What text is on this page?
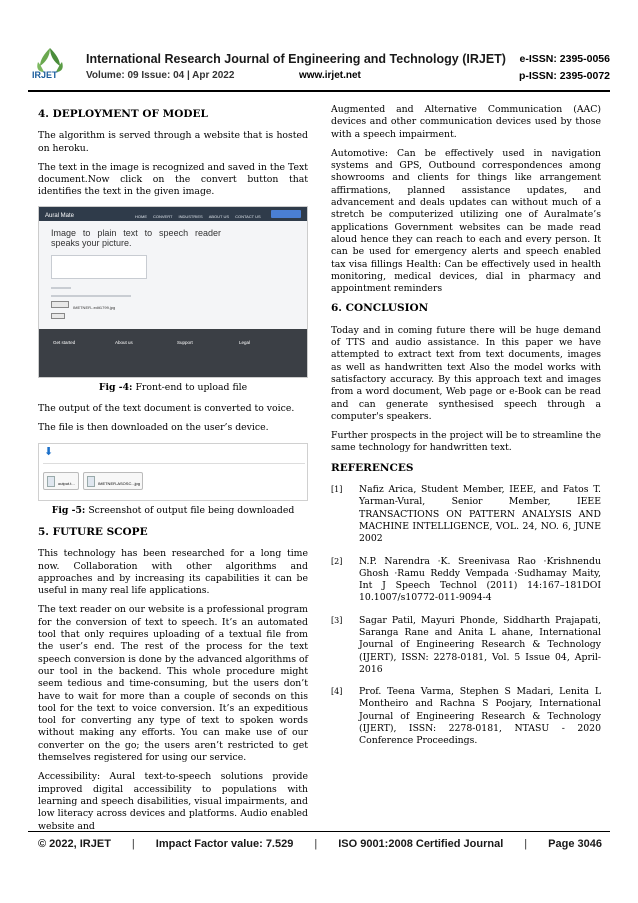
IRJET
International Research Journal of Engineering and Technology (IRJET) e-ISSN: 2395-0056
Volume: 09 Issue: 04 | Apr 2022	www.irjet.net	p-ISSN: 2395-0072
4. DEPLOYMENT OF MODEL

The algorithm is served through a website that is hosted on heroku.

The text in the image is recognized and saved in the Text document.Now click on the convert button that identifies the text in the given image.

Aural Mate	HOME CONVERT INDUSTRIES ABOUT US CONTACT US
Image to plain text to speech reader speaks your picture.
IMETNER-.edit1799.jpg
Get started	About us	Support	Legal
Fig -4: Front-end to upload file

The output of the text document is converted to voice.

The file is then downloaded on the user’s device.

⬇
output.t...	IMETNER-ASOSC...jpg
Fig -5: Screenshot of output file being downloaded
5. FUTURE SCOPE

This technology has been researched for a long time now. Collaboration with other algorithms and approaches and by increasing its capabilities it can be useful in many real life applications.

The text reader on our website is a professional program for the conversion of text to speech. It’s an automated tool that only requires uploading of a textual file from the user’s end. The rest of the process for the text speech conversion is done by the advanced algorithms of our tool in the backend. This whole procedure might seem tedious and time-consuming, but the users don’t have to wait for more than a couple of seconds on this tool for the text to voice conversion. It’s an expeditious tool for converting any type of text to spoken words without making any efforts. You can make use of our converter on the go; the users aren’t restricted to get themselves registered for using our service.

Accessibility: Aural text-to-speech solutions provide improved digital accessibility to populations with learning and speech disabilities, visual impairments, and low literacy across devices and platforms. Audio enabled website and

Augmented and Alternative Communication (AAC) devices and other communication devices used by those with a speech impairment.

Automotive: Can be effectively used in navigation systems and GPS, Outbound correspondences among showrooms and clients for things like arrangement affirmations, planned assistance updates, and advancement and deals updates can without much of a stretch be computerized utilizing one of Auralmate’s applications Government websites can be made read aloud hence they can reach to each and every person. It can be used for emergency alerts and speech enabled tax visa fillings Health: Can be effectively used in health monitoring, medical devices, dial in pharmacy and appointment reminders

6. CONCLUSION

Today and in coming future there will be huge demand of TTS and audio assistance. In this paper we have attempted to extract text from text documents, images as well as handwritten text Also the model works with satisfactory accuracy. By this approach text and images from a word document, Web page or e-Book can be read and can generate synthesised speech through a computer's speakers.

Further prospects in the project will be to streamline the same technology for handwritten text.

REFERENCES
[1] Nafiz Arica, Student Member, IEEE, and Fatos T. Yarman-Vural, Senior Member, IEEE TRANSACTIONS ON PATTERN ANALYSIS AND MACHINE INTELLIGENCE, VOL. 24, NO. 6, JUNE 2002
[2] N.P. Narendra ·K. Sreenivasa Rao ·Krishnendu Ghosh ·Ramu Reddy Vempada ·Sudhamay Maity, Int J Speech Technol (2011) 14:167–181DOI 10.1007/s10772-011-9094-4
[3] Sagar Patil, Mayuri Phonde, Siddharth Prajapati, Saranga Rane and Anita L ahane, International Journal of Engineering Research & Technology (IJERT), ISSN: 2278-0181, Vol. 5 Issue 04, April-2016
[4] Prof. Teena Varma, Stephen S Madari, Lenita L Montheiro and Rachna S Poojary, International Journal of Engineering Research & Technology (IJERT), ISSN: 2278-0181, NTASU - 2020 Conference Proceedings.
© 2022, IRJET | Impact Factor value: 7.529 | ISO 9001:2008 Certified Journal | Page 3046
